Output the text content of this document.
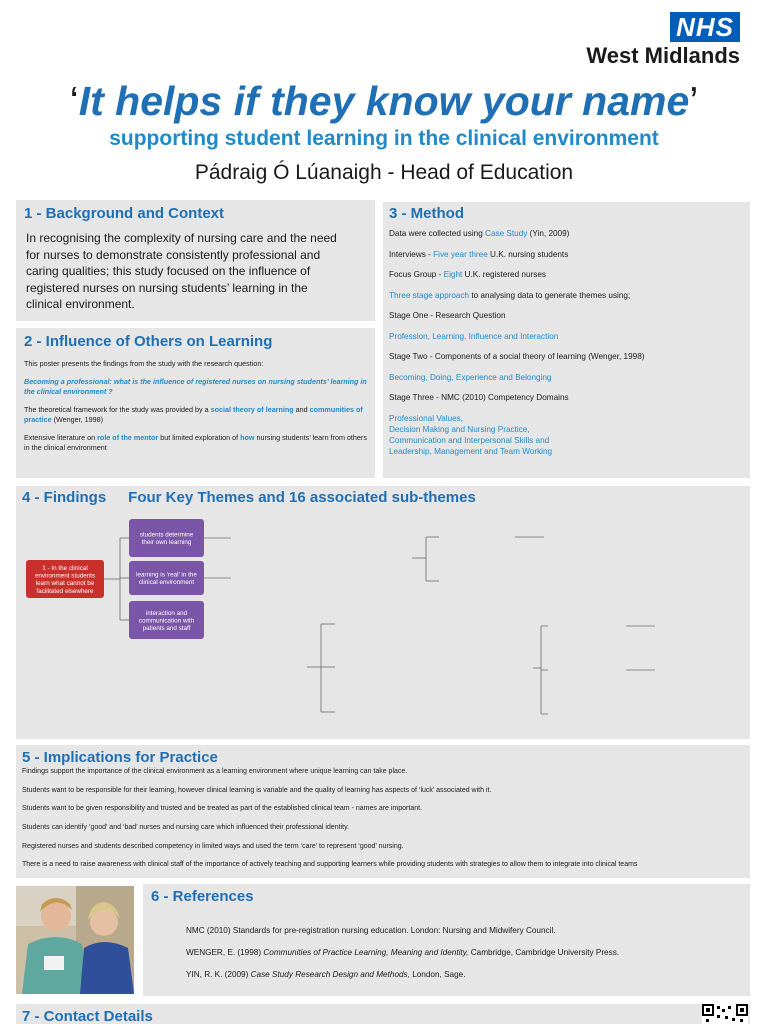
NHS
West Midlands
‘It helps if they know your name’
supporting student learning in the clinical environment
Pádraig Ó Lúanaigh - Head of Education
1 - Background and Context

In recognising the complexity of nursing care and the need for nurses to demonstrate consistently professional and caring qualities; this study focused on the influence of registered nurses on nursing students’ learning in the clinical environment.

2 - Influence of Others on Learning
This poster presents the findings from the study with the research question:
Becoming a professional: what is the influence of registered nurses on nursing students’ learning in the clinical environment ?
The theoretical framework for the study was provided by a social theory of learning and communities of practice (Wenger, 1998)
Extensive literature on role of the mentor but limited exploration of how nursing students’ learn from others in the clinical environment
3 - Method
Data were collected using Case Study (Yin, 2009)
Interviews - Five year three U.K. nursing students
Focus Group - Eight U.K. registered nurses
Three stage approach to analysing data to generate themes using;
Stage One - Research Question
Profession, Learning, Influence and Interaction
Stage Two - Components of a social theory of learning (Wenger, 1998)
Becoming, Doing, Experience and Belonging
Stage Three - NMC (2010) Competency Domains
Professional Values,
Decision Making and Nursing Practice,
Communication and Interpersonal Skills and
Leadership, Management and Team Working
1 - In the clinical
environment students
learn what cannot be
facilitated elsewhere
students determine
their own learning
learning is ‘real’ in the
clinical environment
interaction and
communication with
patients and staff
4 - Findings Four Key Themes and 16 associated sub-themes
5 - Implications for Practice
Findings support the importance of the clinical environment as a learning environment where unique learning can take place.
Students want to be responsible for their learning, however clinical learning is variable and the quality of learning has aspects of ‘luck’ associated with it.
Students want to be given responsibility and trusted and be treated as part of the established clinical team - names are important.
Students can identify ‘good’ and ‘bad’ nurses and nursing care which influenced their professional identity.
Registered nurses and students described competency in limited ways and used the term ‘care’ to represent ‘good’ nursing.
There is a need to raise awareness with clinical staff of the importance of actively teaching and supporting learners while providing students with strategies to allow them to integrate into clinical teams
6 - References
NMC (2010) Standards for pre-registration nursing education. London: Nursing and Midwifery Council.
WENGER, E. (1998) Communities of Practice Learning, Meaning and Identity, Cambridge, Cambridge University Press.
YIN, R. K. (2009) Case Study Research Design and Methods, London, Sage.
7 - Contact Details
